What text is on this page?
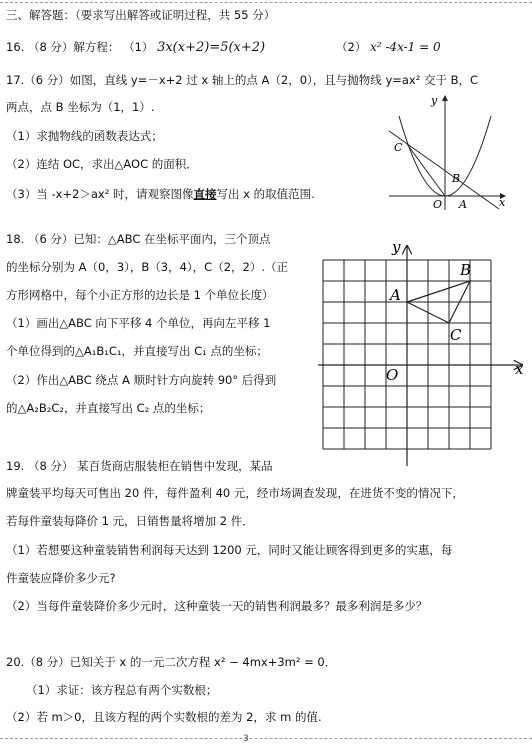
三、解答题：（要求写出解答或证明过程，共 55 分）
16. （8 分）解方程： （1） 3x(x+2)=5(x+2)	（2） x² -4x-1 = 0
17.（6 分）如图，直线 y=－x+2 过 x 轴上的点 A（2，0），且与抛物线 y=ax² 交于 B，C
两点，点 B 坐标为（1，1）.
（1）求抛物线的函数表达式；
（2）连结 OC，求出△AOC 的面积．
（3）当 -x+2＞ax² 时，请观察图像直接写出 x 的取值范围.
y
x
O A
B
C
18. （6 分）已知：△ABC 在坐标平面内，三个顶点
的坐标分别为 A（0，3），B（3，4），C（2，2）.（正
方形网格中，每个小正方形的边长是 1 个单位长度）
（1）画出△ABC 向下平移 4 个单位，再向左平移 1
个单位得到的△A₁B₁C₁，并直接写出 C₁ 点的坐标；
（2）作出△ABC 绕点 A 顺时针方向旋转 90° 后得到
的△A₂B₂C₂，并直接写出 C₂ 点的坐标；
y
x
O
A
B
C
19. （8 分） 某百货商店服装柜在销售中发现，某品
牌童装平均每天可售出 20 件，每件盈利 40 元，经市场调查发现，在进货不变的情况下，
若每件童装每降价 1 元，日销售量将增加 2 件．
（1）若想要这种童装销售利润每天达到 1200 元，同时又能让顾客得到更多的实惠，每
件童装应降价多少元?
（2）当每件童装降价多少元时，这种童装一天的销售利润最多？最多利润是多少？
20.（8 分）已知关于 x 的一元二次方程 x² − 4mx+3m² = 0．
（1）求证：该方程总有两个实数根；
（2）若 m＞0，且该方程的两个实数根的差为 2，求 m 的值.
3
